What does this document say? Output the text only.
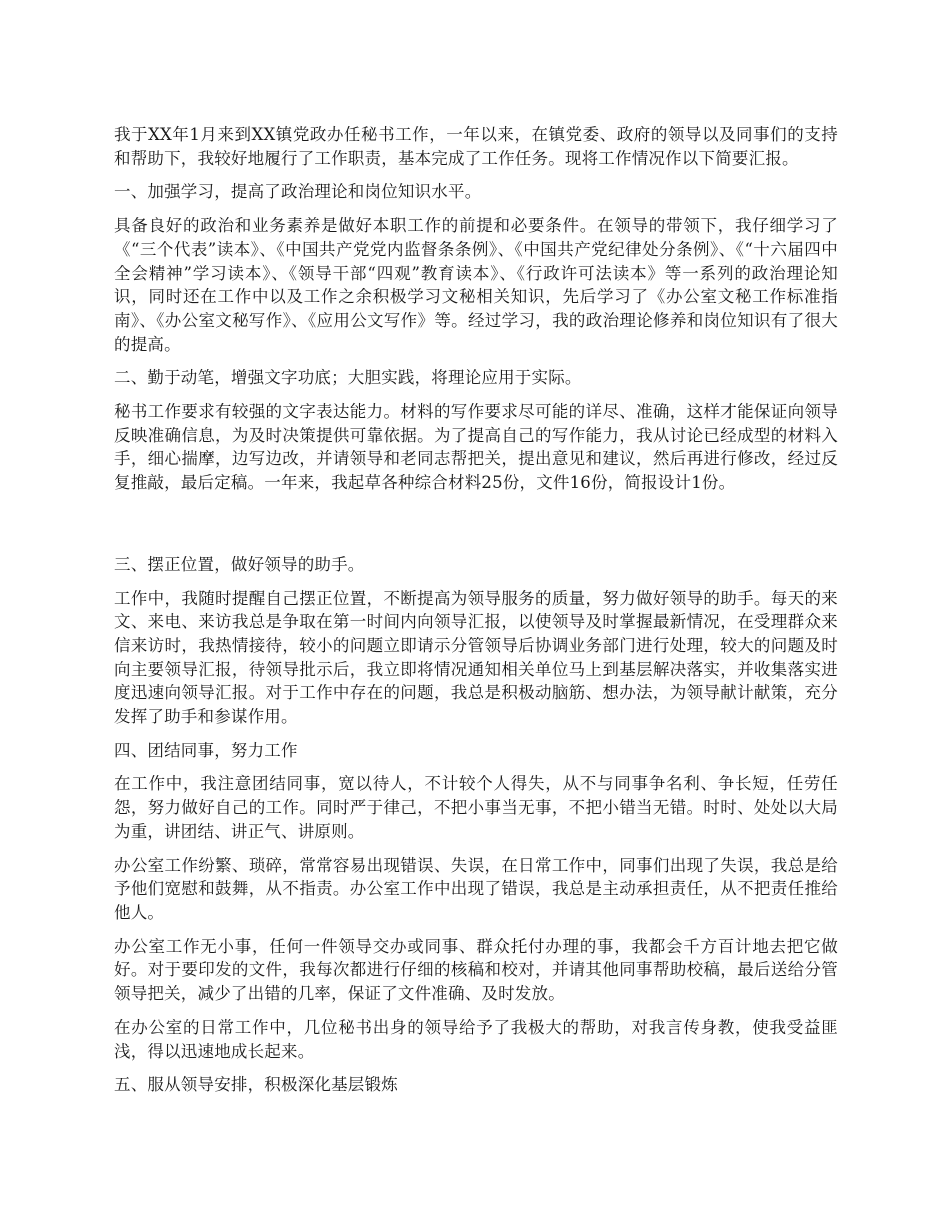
我于XX年1月来到XX镇党政办任秘书工作，一年以来，在镇党委、政府的领导以及同事们的支持和帮助下，我较好地履行了工作职责，基本完成了工作任务。现将工作情况作以下简要汇报。

一、加强学习，提高了政治理论和岗位知识水平。

具备良好的政治和业务素养是做好本职工作的前提和必要条件。在领导的带领下，我仔细学习了《“三个代表”读本》、《中国共产党党内监督条条例》、《中国共产党纪律处分条例》、《“十六届四中全会精神”学习读本》、《领导干部“四观”教育读本》、《行政许可法读本》等一系列的政治理论知识，同时还在工作中以及工作之余积极学习文秘相关知识，先后学习了《办公室文秘工作标准指南》、《办公室文秘写作》、《应用公文写作》等。经过学习，我的政治理论修养和岗位知识有了很大的提高。

二、勤于动笔，增强文字功底；大胆实践，将理论应用于实际。

秘书工作要求有较强的文字表达能力。材料的写作要求尽可能的详尽、准确，这样才能保证向领导反映准确信息，为及时决策提供可靠依据。为了提高自己的写作能力，我从讨论已经成型的材料入手，细心揣摩，边写边改，并请领导和老同志帮把关，提出意见和建议，然后再进行修改，经过反复推敲，最后定稿。一年来，我起草各种综合材料25份，文件16份，简报设计1份。

三、摆正位置，做好领导的助手。

工作中，我随时提醒自己摆正位置，不断提高为领导服务的质量，努力做好领导的助手。每天的来文、来电、来访我总是争取在第一时间内向领导汇报，以使领导及时掌握最新情况，在受理群众来信来访时，我热情接待，较小的问题立即请示分管领导后协调业务部门进行处理，较大的问题及时向主要领导汇报，待领导批示后，我立即将情况通知相关单位马上到基层解决落实，并收集落实进度迅速向领导汇报。对于工作中存在的问题，我总是积极动脑筋、想办法，为领导献计献策，充分发挥了助手和参谋作用。

四、团结同事，努力工作

在工作中，我注意团结同事，宽以待人，不计较个人得失，从不与同事争名利、争长短，任劳任怨，努力做好自己的工作。同时严于律己，不把小事当无事，不把小错当无错。时时、处处以大局为重，讲团结、讲正气、讲原则。

办公室工作纷繁、琐碎，常常容易出现错误、失误，在日常工作中，同事们出现了失误，我总是给予他们宽慰和鼓舞，从不指责。办公室工作中出现了错误，我总是主动承担责任，从不把责任推给他人。

办公室工作无小事，任何一件领导交办或同事、群众托付办理的事，我都会千方百计地去把它做好。对于要印发的文件，我每次都进行仔细的核稿和校对，并请其他同事帮助校稿，最后送给分管领导把关，减少了出错的几率，保证了文件准确、及时发放。

在办公室的日常工作中，几位秘书出身的领导给予了我极大的帮助，对我言传身教，使我受益匪浅，得以迅速地成长起来。

五、服从领导安排，积极深化基层锻炼
